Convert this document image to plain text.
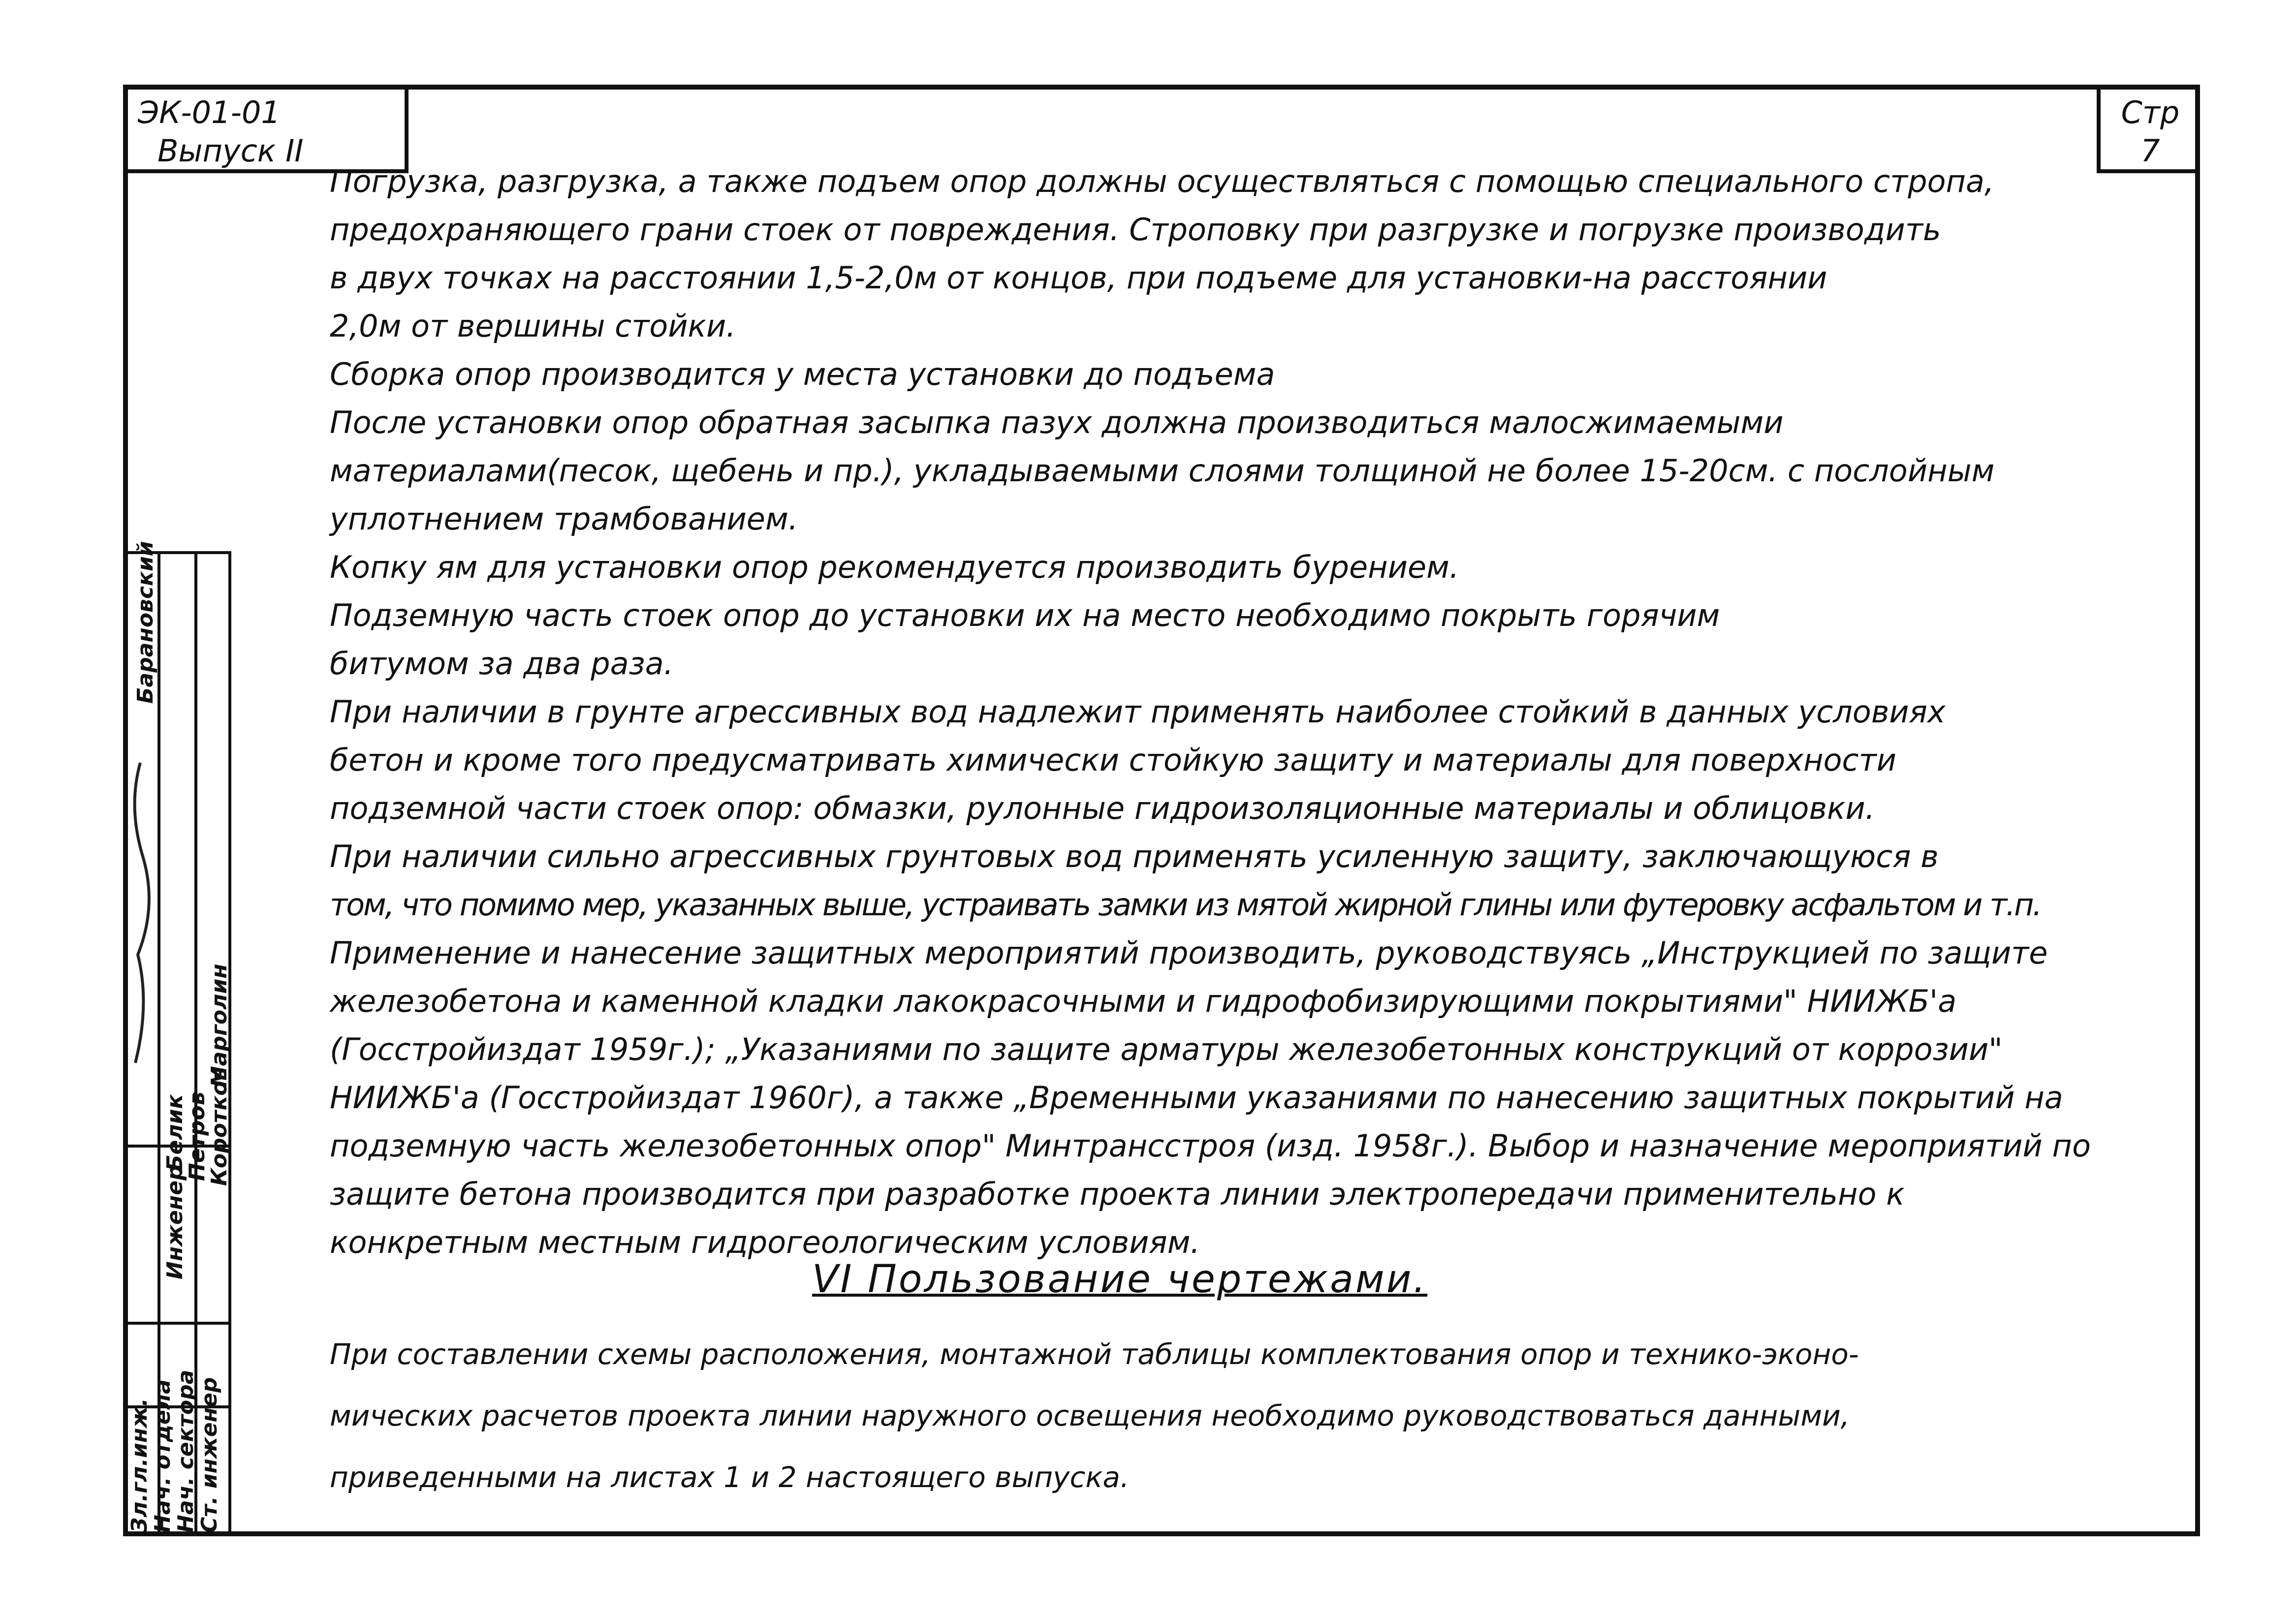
ЭК-01-01
Выпуск II
Стр
7
Зл.гл.инж.
Нач. отдела
Нач. сектора
Ст. инженер
Инженер
Белик
Петров
Коротков
Марголин
Барановский

Погрузка, разгрузка, а также подъем опор должны осуществляться с помощью специального стропа,

предохраняющего грани стоек от повреждения. Строповку при разгрузке и погрузке производить

в двух точках на расстоянии 1,5-2,0м от концов, при подъеме для установки-на расстоянии

2,0м от вершины стойки.

Сборка опор производится у места установки до подъема

После установки опор обратная засыпка пазух должна производиться малосжимаемыми

материалами(песок, щебень и пр.), укладываемыми слоями толщиной не более 15-20см. с послойным

уплотнением трамбованием.

Копку ям для установки опор рекомендуется производить бурением.

Подземную часть стоек опор до установки их на место необходимо покрыть горячим

битумом за два раза.

При наличии в грунте агрессивных вод надлежит применять наиболее стойкий в данных условиях

бетон и кроме того предусматривать химически стойкую защиту и материалы для поверхности

подземной части стоек опор: обмазки, рулонные гидроизоляционные материалы и облицовки.

При наличии сильно агрессивных грунтовых вод применять усиленную защиту, заключающуюся в

том, что помимо мер, указанных выше, устраивать замки из мятой жирной глины или футеровку асфальтом и т.п.

Применение и нанесение защитных мероприятий производить, руководствуясь „Инструкцией по защите

железобетона и каменной кладки лакокрасочными и гидрофобизирующими покрытиями" НИИЖБ'а

(Госстройиздат 1959г.); „Указаниями по защите арматуры железобетонных конструкций от коррозии"

НИИЖБ'а (Госстройиздат 1960г), а также „Временными указаниями по нанесению защитных покрытий на

подземную часть железобетонных опор" Минтрансстроя (изд. 1958г.). Выбор и назначение мероприятий по

защите бетона производится при разработке проекта линии электропередачи применительно к

конкретным местным гидрогеологическим условиям.

VI Пользование чертежами.

При составлении схемы расположения, монтажной таблицы комплектования опор и технико-эконо-

мических расчетов проекта линии наружного освещения необходимо руководствоваться данными,

приведенными на листах 1 и 2 настоящего выпуска.
